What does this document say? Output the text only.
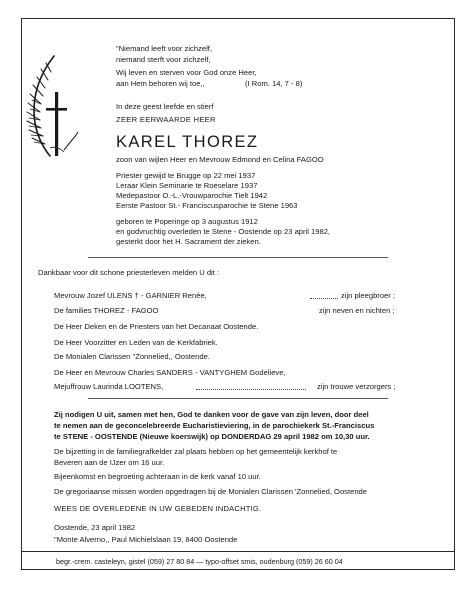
"Niemand leeft voor zichzelf,
niemand sterft voor zichzelf,
Wij leven en sterven voor God onze Heer,
aan Hem behoren wij toe,,	(I Rom. 14, 7 - 8)
In deze geest leefde en stierf
ZEER EERWAARDE HEER
KAREL THOREZ
zoon van wijlen Heer en Mevrouw Edmond en Celina FAGOO
Priester gewijd te Brugge op 22 mei 1937
Leraar Klein Seminarie te Roeselare 1937
Medepastoor O.-L.-Vrouwparochie Tielt 1942
Eerste Pastoor St.- Franciscusparochie te Stene 1963
geboren te Poperinge op 3 augustus 1912
en godvruchtig overleden te Stene - Oostende op 23 april 1982,
gesterkt door het H. Sacrament der zieken.
Dankbaar voor dit schone priesterleven melden U dit :
Mevrouw Jozef ULENS † - GARNIER Renée,	zijn pleegbroer ;
De families THOREZ - FAGOO	zijn neven en nichten ;
De Heer Deken en de Priesters van het Decanaat Oostende.
De Heer Voorzitter en Leden van de Kerkfabriek.
De Monialen Clarissen "Zonnelied,, Oostende.
De Heer en Mevrouw Charles SANDERS - VANTYGHEM Godelieve,
Mejuffrouw Laurinda LOOTENS,	zijn trouwe verzorgers ;
Zij nodigen U uit, samen met hen, God te danken voor de gave van zijn leven, door deel
te nemen aan de geconcelebreerde Eucharistieviering, in de parochiekerk St.-Franciscus
te STENE - OOSTENDE (Nieuwe koerswijk) op DONDERDAG 29 april 1982 om 10,30 uur.
De bijzetting in de familiegrafkelder zal plaats hebben op het gemeentelijk kerkhof te
Beveren aan de IJzer om 16 uur.
Bijeenkomst en begroeting achteraan in de kerk vanaf 10 uur.
De gregoriaanse missen worden opgedragen bij de Monialen Clarissen 'Zonnelied, Oostende
WEES DE OVERLEDENE IN UW GEBEDEN INDACHTIG.
Oostende, 23 april 1982
"Monte Alverno,, Paul Michielslaan 19, 8400 Oostende
begr.-crem. casteleyn, gistel (059) 27 80 84 — typo-offset smis, oudenburg (059) 26 60 04
